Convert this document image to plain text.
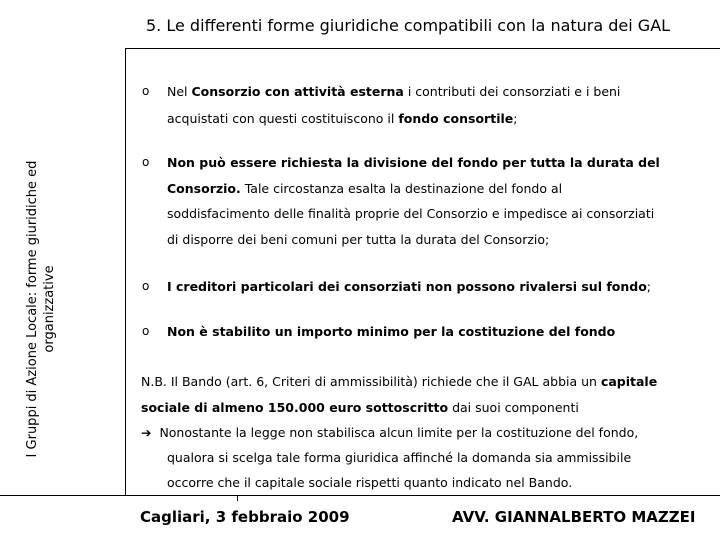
5. Le differenti forme giuridiche compatibili con la natura dei GAL
I Gruppi di Azione Locale: forme giuridiche ed organizzative
o Nel Consorzio con attività esterna i contributi dei consorziati e i beni
acquistati con questi costituiscono il fondo consortile;
o Non può essere richiesta la divisione del fondo per tutta la durata del
Consorzio. Tale circostanza esalta la destinazione del fondo al
soddisfacimento delle finalità proprie del Consorzio e impedisce ai consorziati
di disporre dei beni comuni per tutta la durata del Consorzio;
o I creditori particolari dei consorziati non possono rivalersi sul fondo;
o Non è stabilito un importo minimo per la costituzione del fondo
N.B. Il Bando (art. 6, Criteri di ammissibilità) richiede che il GAL abbia un capitale
sociale di almeno 150.000 euro sottoscritto dai suoi componenti
➔ Nonostante la legge non stabilisca alcun limite per la costituzione del fondo,
qualora si scelga tale forma giuridica affinché la domanda sia ammissibile
occorre che il capitale sociale rispetti quanto indicato nel Bando.
Cagliari, 3 febbraio 2009	AVV. GIANNALBERTO MAZZEI
